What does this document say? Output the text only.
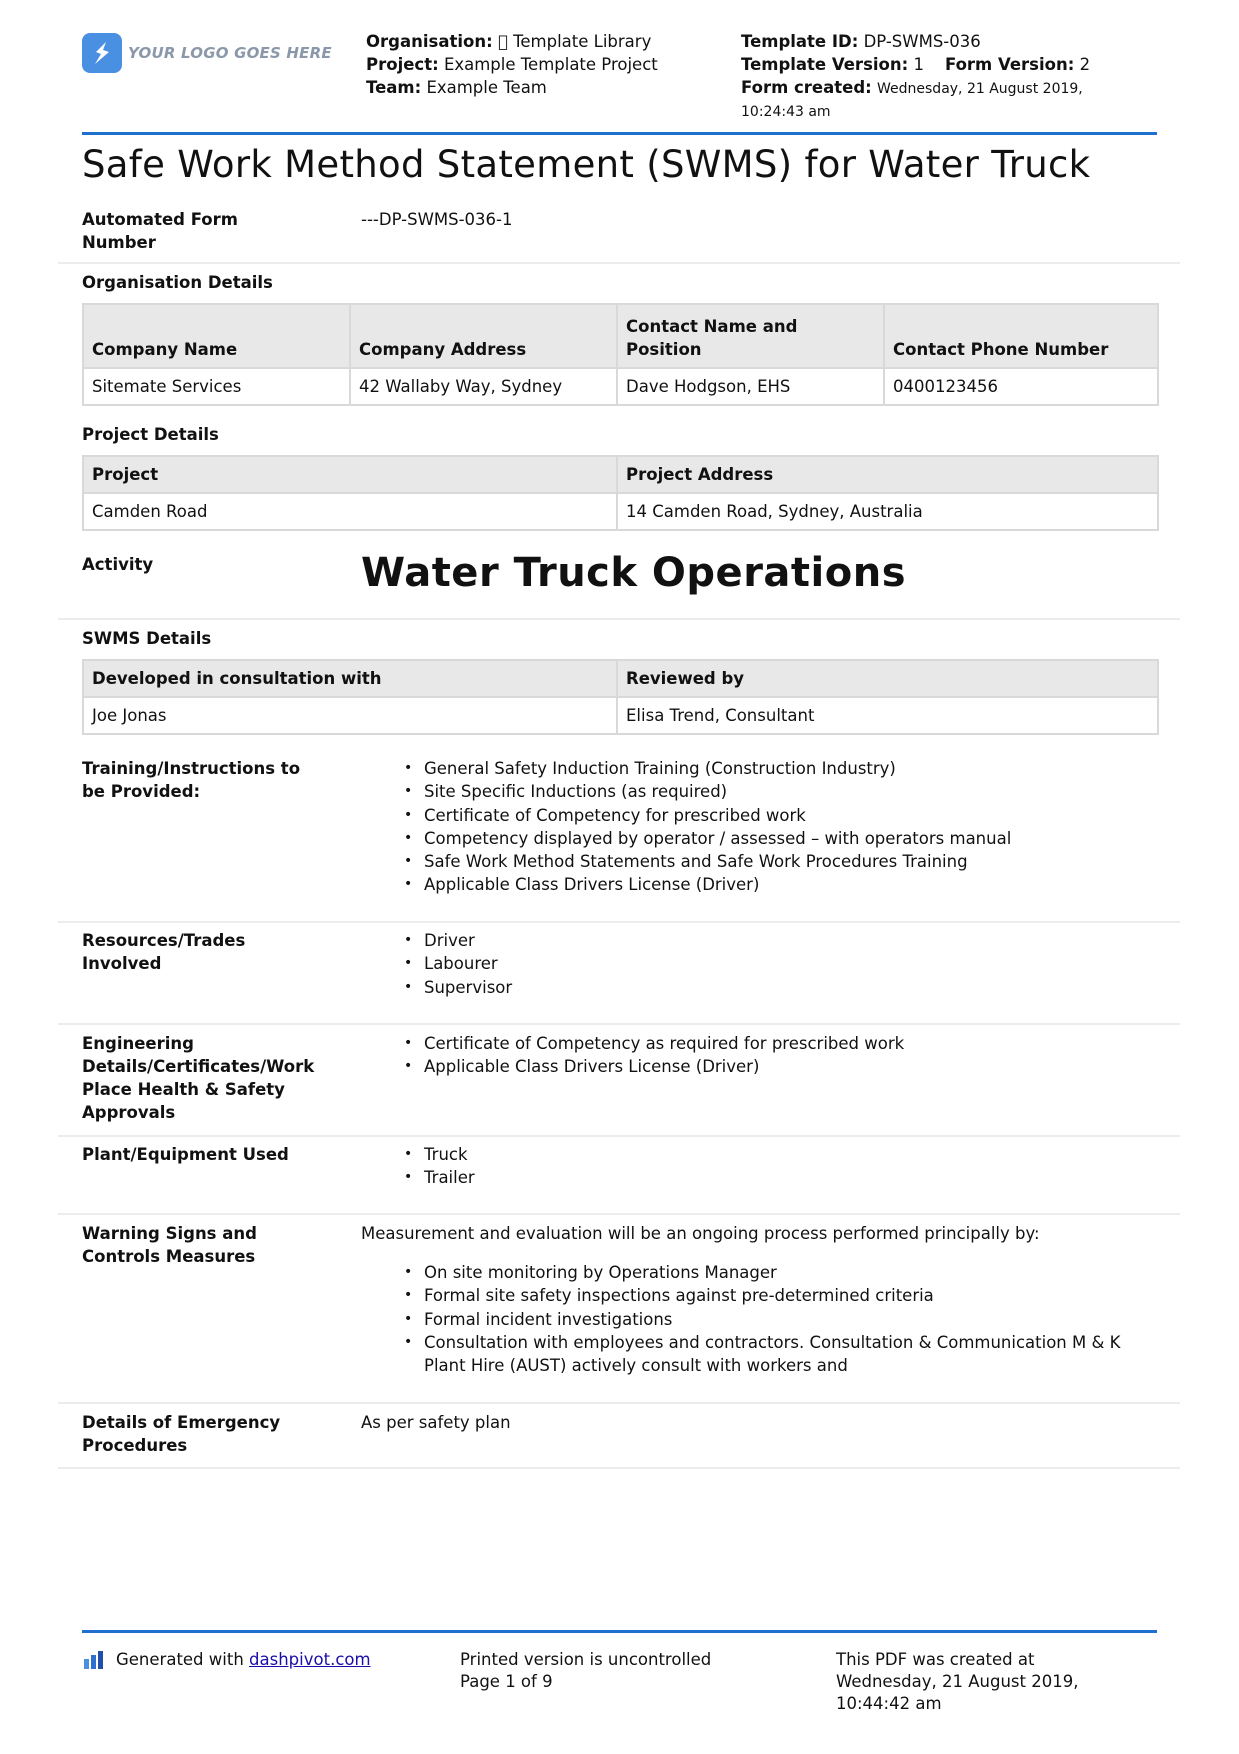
YOUR LOGO GOES HERE
Organisation: Template Library
Project: Example Template Project
Team: Example Team
Template ID: DP-SWMS-036
Template Version: 1 Form Version: 2
Form created: Wednesday, 21 August 2019,
10:24:43 am
Safe Work Method Statement (SWMS) for Water Truck
Automated Form
Number
---DP-SWMS-036-1
Organisation Details
Company Name	Company Address	Contact Name and Position	Contact Phone Number
Sitemate Services	42 Wallaby Way, Sydney	Dave Hodgson, EHS	0400123456
Project Details
Project	Project Address
Camden Road	14 Camden Road, Sydney, Australia
Activity	Water Truck Operations
SWMS Details
Developed in consultation with	Reviewed by
Joe Jonas	Elisa Trend, Consultant
Training/Instructions to
be Provided:
• General Safety Induction Training (Construction Industry)
• Site Specific Inductions (as required)
• Certificate of Competency for prescribed work
• Competency displayed by operator / assessed – with operators manual
• Safe Work Method Statements and Safe Work Procedures Training
• Applicable Class Drivers License (Driver)
Resources/Trades
Involved
• Driver
• Labourer
• Supervisor
Engineering
Details/Certificates/Work
Place Health & Safety
Approvals
• Certificate of Competency as required for prescribed work
• Applicable Class Drivers License (Driver)
Plant/Equipment Used	• Truck
• Trailer
Warning Signs and
Controls Measures
Measurement and evaluation will be an ongoing process performed principally by:
• On site monitoring by Operations Manager
• Formal site safety inspections against pre-determined criteria
• Formal incident investigations
• Consultation with employees and contractors. Consultation & Communication M & K Plant Hire (AUST) actively consult with workers and
Details of Emergency
Procedures
As per safety plan
Generated with dashpivot.com	Printed version is uncontrolled
Page 1 of 9
This PDF was created at
Wednesday, 21 August 2019,
10:44:42 am
